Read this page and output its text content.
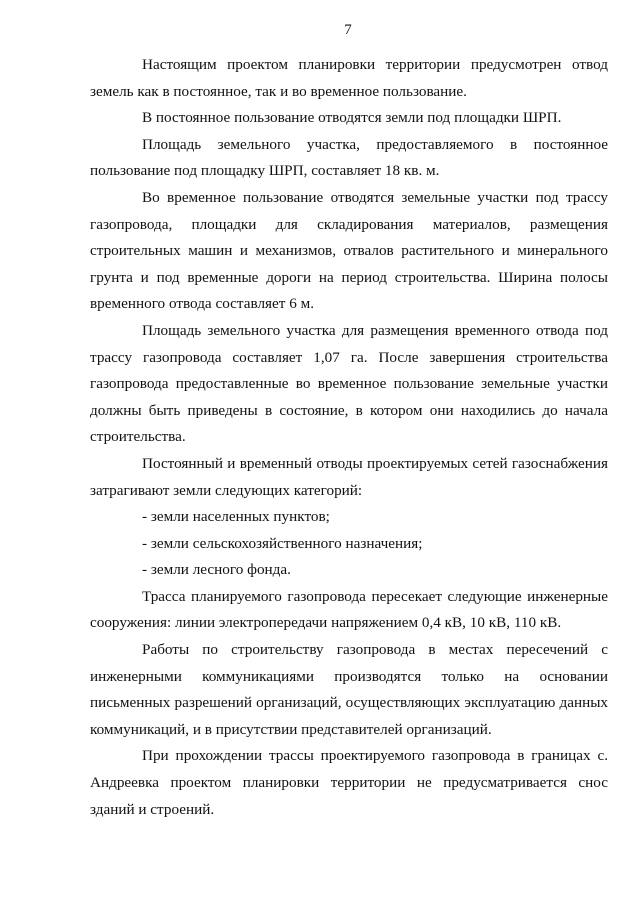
7

Настоящим проектом планировки территории предусмотрен отвод земель как в постоянное, так и во временное пользование.

В постоянное пользование отводятся земли под площадки ШРП.

Площадь земельного участка, предоставляемого в постоянное пользование под площадку ШРП, составляет 18 кв. м.

Во временное пользование отводятся земельные участки под трассу газопровода, площадки для складирования материалов, размещения строительных машин и механизмов, отвалов растительного и минерального грунта и под временные дороги на период строительства. Ширина полосы временного отвода составляет 6 м.

Площадь земельного участка для размещения временного отвода под трассу газопровода составляет 1,07 га. После завершения строительства газопровода предоставленные во временное пользование земельные участки должны быть приведены в состояние, в котором они находились до начала строительства.

Постоянный и временный отводы проектируемых сетей газоснабжения затрагивают земли следующих категорий:

- земли населенных пунктов;

- земли сельскохозяйственного назначения;

- земли лесного фонда.

Трасса планируемого газопровода пересекает следующие инженерные сооружения: линии электропередачи напряжением 0,4 кВ, 10 кВ, 110 кВ.

Работы по строительству газопровода в местах пересечений с инженерными коммуникациями производятся только на основании письменных разрешений организаций, осуществляющих эксплуатацию данных коммуникаций, и в присутствии представителей организаций.

При прохождении трассы проектируемого газопровода в границах с. Андреевка проектом планировки территории не предусматривается снос зданий и строений.
